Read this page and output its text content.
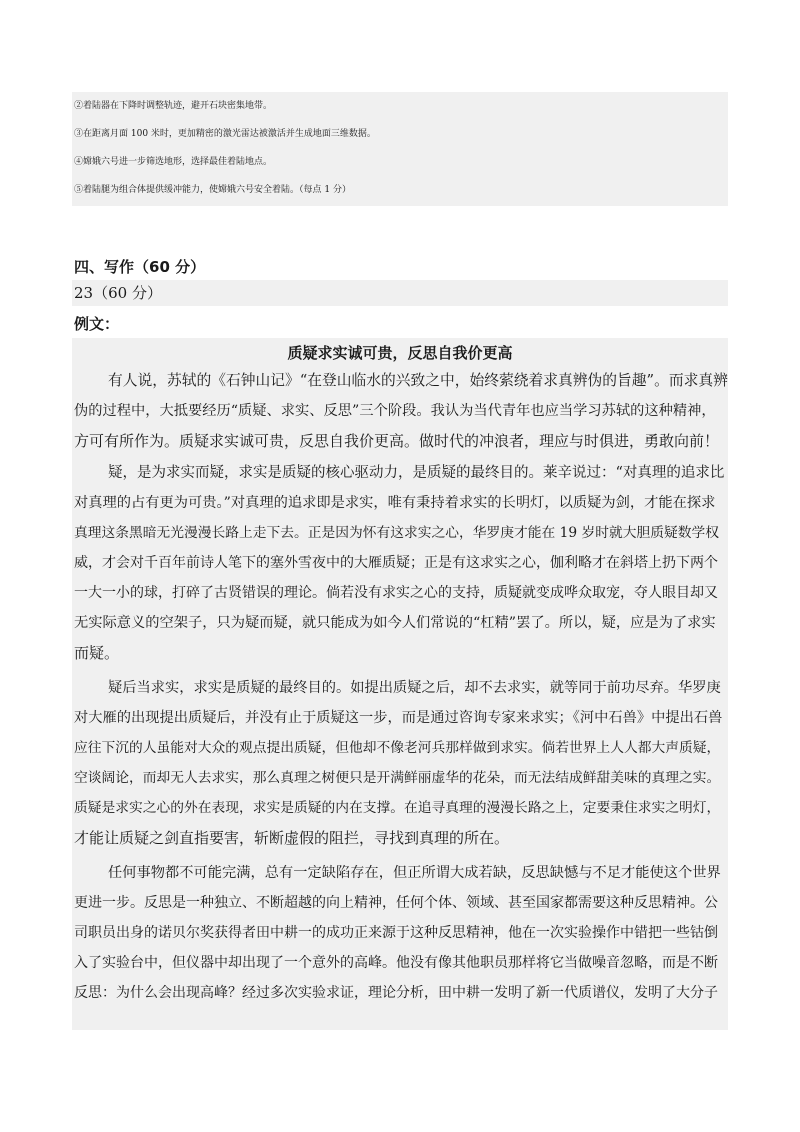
②着陆器在下降时调整轨迹，避开石块密集地带。
③在距离月面 100 米时，更加精密的激光雷达被激活并生成地面三维数据。
④嫦娥六号进一步筛选地形，选择最佳着陆地点。
⑤着陆腿为组合体提供缓冲能力，使嫦娥六号安全着陆。（每点 1 分）
四、写作（60 分）
23（60 分）
例文：
质疑求实诚可贵，反思自我价更高
有人说，苏轼的《石钟山记》“在登山临水的兴致之中，始终萦绕着求真辨伪的旨趣”。而求真辨
伪的过程中，大抵要经历“质疑、求实、反思”三个阶段。我认为当代青年也应当学习苏轼的这种精神，
方可有所作为。质疑求实诚可贵，反思自我价更高。做时代的冲浪者，理应与时俱进，勇敢向前！
疑，是为求实而疑，求实是质疑的核心驱动力，是质疑的最终目的。莱辛说过：“对真理的追求比
对真理的占有更为可贵。”对真理的追求即是求实，唯有秉持着求实的长明灯，以质疑为剑，才能在探求
真理这条黑暗无光漫漫长路上走下去。正是因为怀有这求实之心，华罗庚才能在 19 岁时就大胆质疑数学权
威，才会对千百年前诗人笔下的塞外雪夜中的大雁质疑；正是有这求实之心，伽利略才在斜塔上扔下两个
一大一小的球，打碎了古贤错误的理论。倘若没有求实之心的支持，质疑就变成哗众取宠，夺人眼目却又
无实际意义的空架子，只为疑而疑，就只能成为如今人们常说的“杠精”罢了。所以，疑，应是为了求实
而疑。
疑后当求实，求实是质疑的最终目的。如提出质疑之后，却不去求实，就等同于前功尽弃。华罗庚
对大雁的出现提出质疑后，并没有止于质疑这一步，而是通过咨询专家来求实；《河中石兽》中提出石兽
应往下沉的人虽能对大众的观点提出质疑，但他却不像老河兵那样做到求实。倘若世界上人人都大声质疑，
空谈阔论，而却无人去求实，那么真理之树便只是开满鲜丽虚华的花朵，而无法结成鲜甜美味的真理之实。
质疑是求实之心的外在表现，求实是质疑的内在支撑。在追寻真理的漫漫长路之上，定要秉住求实之明灯，
才能让质疑之剑直指要害，斩断虚假的阻拦，寻找到真理的所在。
任何事物都不可能完满，总有一定缺陷存在，但正所谓大成若缺，反思缺憾与不足才能使这个世界
更进一步。反思是一种独立、不断超越的向上精神，任何个体、领域、甚至国家都需要这种反思精神。公
司职员出身的诺贝尔奖获得者田中耕一的成功正来源于这种反思精神，他在一次实验操作中错把一些钴倒
入了实验台中，但仪器中却出现了一个意外的高峰。他没有像其他职员那样将它当做噪音忽略，而是不断
反思：为什么会出现高峰？经过多次实验求证，理论分析，田中耕一发明了新一代质谱仪，发明了大分子
